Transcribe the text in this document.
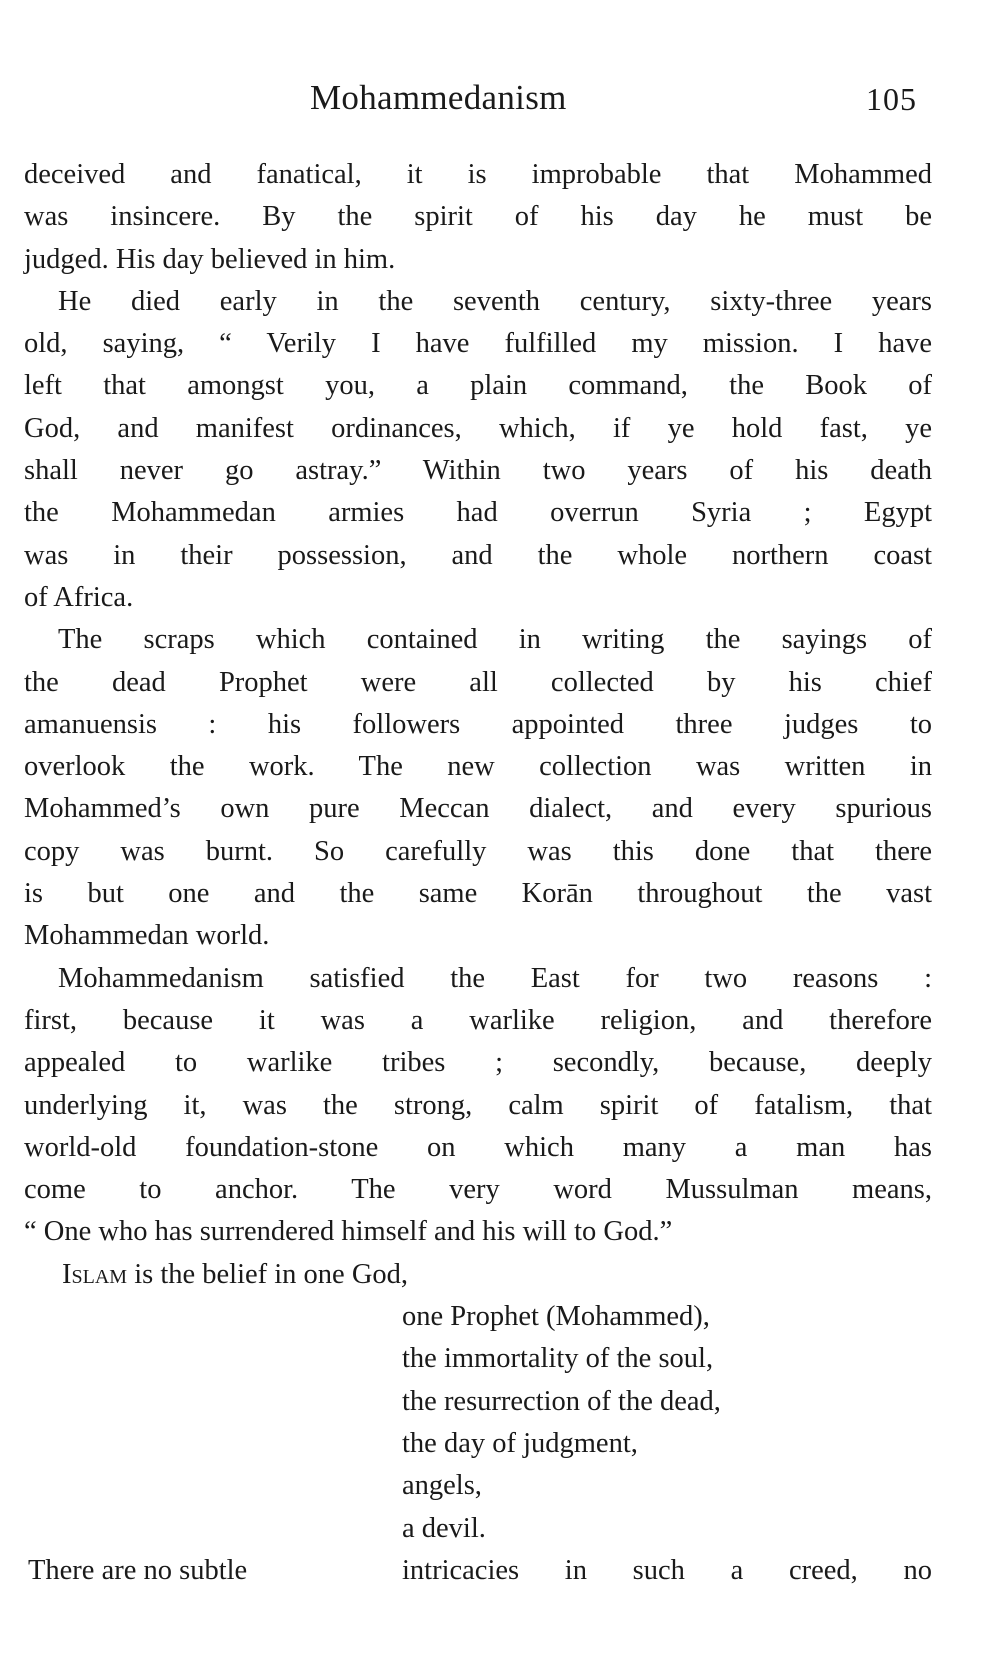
Mohammedanism	105
deceived and fanatical, it is improbable that Mohammed
was insincere. By the spirit of his day he must be
judged. His day believed in him.
He died early in the seventh century, sixty-three years
old, saying, “ Verily I have fulfilled my mission. I have
left that amongst you, a plain command, the Book of
God, and manifest ordinances, which, if ye hold fast, ye
shall never go astray.” Within two years of his death
the Mohammedan armies had overrun Syria ; Egypt
was in their possession, and the whole northern coast
of Africa.
The scraps which contained in writing the sayings of
the dead Prophet were all collected by his chief
amanuensis : his followers appointed three judges to
overlook the work. The new collection was written in
Mohammed’s own pure Meccan dialect, and every spurious
copy was burnt. So carefully was this done that there
is but one and the same Korān throughout the vast
Mohammedan world.
Mohammedanism satisfied the East for two reasons :
first, because it was a warlike religion, and therefore
appealed to warlike tribes ; secondly, because, deeply
underlying it, was the strong, calm spirit of fatalism, that
world-old foundation-stone on which many a man has
come to anchor. The very word Mussulman means,
“ One who has surrendered himself and his will to God.”
Islam is the belief in one God,
one Prophet (Mohammed),
the immortality of the soul,
the resurrection of the dead,
the day of judgment,
angels,
a devil.
There are no subtle	intricacies in such a creed, no
